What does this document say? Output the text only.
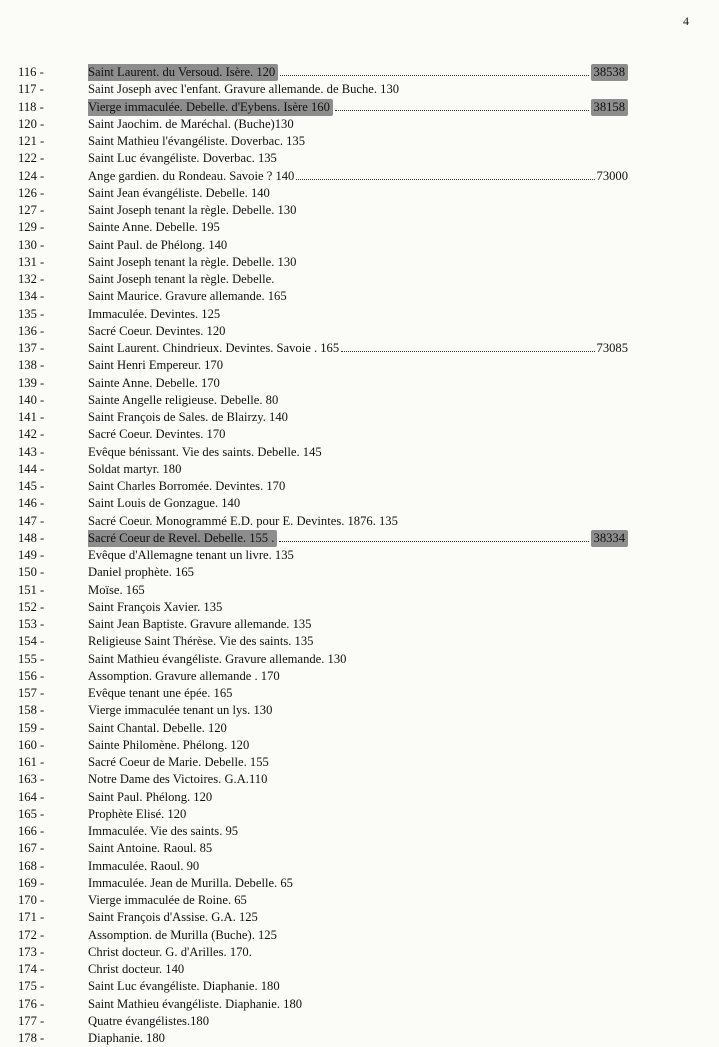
4
116 -	Saint Laurent. du Versoud. Isère. 120	38538
117 -	Saint Joseph avec l'enfant. Gravure allemande. de Buche. 130
118 -	Vierge immaculée. Debelle. d'Eybens. Isère 160	38158
120 -	Saint Jaochim. de Maréchal. (Buche)130
121 -	Saint Mathieu l'évangéliste. Doverbac. 135
122 -	Saint Luc évangéliste. Doverbac. 135
124 -	Ange gardien. du Rondeau. Savoie ? 140	73000
126 -	Saint Jean évangéliste. Debelle. 140
127 -	Saint Joseph tenant la règle. Debelle. 130
129 -	Sainte Anne. Debelle. 195
130 -	Saint Paul. de Phélong. 140
131 -	Saint Joseph tenant la règle. Debelle. 130
132 -	Saint Joseph tenant la règle. Debelle.
134 -	Saint Maurice. Gravure allemande. 165
135 -	Immaculée. Devintes. 125
136 -	Sacré Coeur. Devintes. 120
137 -	Saint Laurent. Chindrieux. Devintes. Savoie . 165	73085
138 -	Saint Henri Empereur. 170
139 -	Sainte Anne. Debelle. 170
140 -	Sainte Angelle religieuse. Debelle. 80
141 -	Saint François de Sales. de Blairzy. 140
142 -	Sacré Coeur. Devintes. 170
143 -	Evêque bénissant. Vie des saints. Debelle. 145
144 -	Soldat martyr. 180
145 -	Saint Charles Borromée. Devintes. 170
146 -	Saint Louis de Gonzague. 140
147 -	Sacré Coeur. Monogrammé E.D. pour E. Devintes. 1876. 135
148 -	Sacré Coeur de Revel. Debelle. 155 .	38334
149 -	Evêque d'Allemagne tenant un livre. 135
150 -	Daniel prophète. 165
151 -	Moïse. 165
152 -	Saint François Xavier. 135
153 -	Saint Jean Baptiste. Gravure allemande. 135
154 -	Religieuse Saint Thérèse. Vie des saints. 135
155 -	Saint Mathieu évangéliste. Gravure allemande. 130
156 -	Assomption. Gravure allemande . 170
157 -	Evêque tenant une épée. 165
158 -	Vierge immaculée tenant un lys. 130
159 -	Saint Chantal. Debelle. 120
160 -	Sainte Philomène. Phélong. 120
161 -	Sacré Coeur de Marie. Debelle. 155
163 -	Notre Dame des Victoires. G.A.110
164 -	Saint Paul. Phélong. 120
165 -	Prophète Elisé. 120
166 -	Immaculée. Vie des saints. 95
167 -	Saint Antoine. Raoul. 85
168 -	Immaculée. Raoul. 90
169 -	Immaculée. Jean de Murilla. Debelle. 65
170 -	Vierge immaculée de Roine. 65
171 -	Saint François d'Assise. G.A. 125
172 -	Assomption. de Murilla (Buche). 125
173 -	Christ docteur. G. d'Arilles. 170.
174 -	Christ docteur. 140
175 -	Saint Luc évangéliste. Diaphanie. 180
176 -	Saint Mathieu évangéliste. Diaphanie. 180
177 -	Quatre évangélistes.180
178 -	Diaphanie. 180
